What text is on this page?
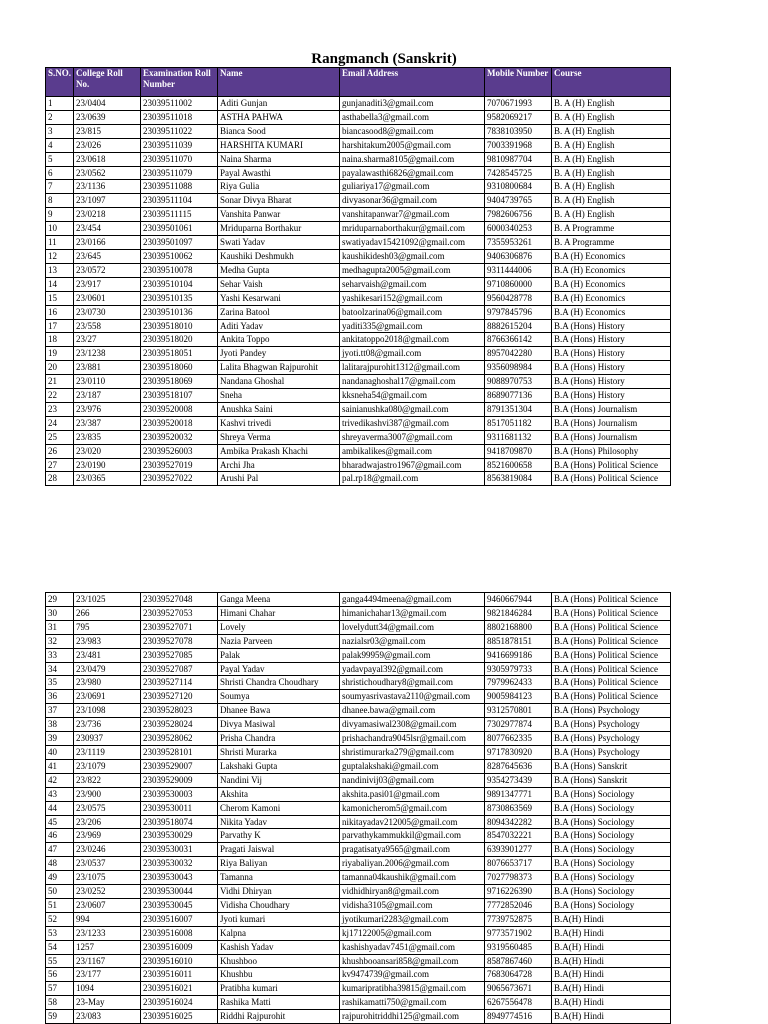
Rangmanch (Sanskrit)
S.NO.	College Roll No.	Examination Roll Number	Name	Email Address	Mobile Number	Course
1	23/0404	23039511002	Aditi Gunjan	gunjanaditi3@gmail.com	7070671993	B. A (H) English
2	23/0639	23039511018	ASTHA PAHWA	asthabella3@gmail.com	9582069217	B. A (H) English
3	23/815	23039511022	Bianca Sood	biancasood8@gmail.com	7838103950	B. A (H) English
4	23/026	23039511039	HARSHITA KUMARI	harshitakum2005@gmail.com	7003391968	B. A (H) English
5	23/0618	23039511070	Naina Sharma	naina.sharma8105@gmail.com	9810987704	B. A (H) English
6	23/0562	23039511079	Payal Awasthi	payalawasthi6826@gmail.com	7428545725	B. A (H) English
7	23/1136	23039511088	Riya Gulia	guliariya17@gmail.com	9310800684	B. A (H) English
8	23/1097	23039511104	Sonar Divya Bharat	divyasonar36@gmail.com	9404739765	B. A (H) English
9	23/0218	23039511115	Vanshita Panwar	vanshitapanwar7@gmail.com	7982606756	B. A (H) English
10	23/454	23039501061	Mriduparna Borthakur	mriduparnaborthakur@gmail.com	6000340253	B. A Programme
11	23/0166	23039501097	Swati Yadav	swatiyadav15421092@gmail.com	7355953261	B. A Programme
12	23/645	23039510062	Kaushiki Deshmukh	kaushikidesh03@gmail.com	9406306876	B.A (H) Economics
13	23/0572	23039510078	Medha Gupta	medhagupta2005@gmail.com	9311444006	B.A (H) Economics
14	23/917	23039510104	Sehar Vaish	seharvaish@gmail.com	9710860000	B.A (H) Economics
15	23/0601	23039510135	Yashi Kesarwani	yashikesari152@gmail.com	9560428778	B.A (H) Economics
16	23/0730	23039510136	Zarina Batool	batoolzarina06@gmail.com	9797845796	B.A (H) Economics
17	23/558	23039518010	Aditi Yadav	yaditi335@gmail.com	8882615204	B.A (Hons) History
18	23/27	23039518020	Ankita Toppo	ankitatoppo2018@gmail.com	8766366142	B.A (Hons) History
19	23/1238	23039518051	Jyoti Pandey	jyoti.tt08@gmail.com	8957042280	B.A (Hons) History
20	23/881	23039518060	Lalita Bhagwan Rajpurohit	lalitarajpurohit1312@gmail.com	9356098984	B.A (Hons) History
21	23/0110	23039518069	Nandana Ghoshal	nandanaghoshal17@gmail.com	9088970753	B.A (Hons) History
22	23/187	23039518107	Sneha	kksneha54@gmail.com	8689077136	B.A (Hons) History
23	23/976	23039520008	Anushka Saini	sainianushka080@gmail.com	8791351304	B.A (Hons) Journalism
24	23/387	23039520018	Kashvi trivedi	trivedikashvi387@gmail.com	8517051182	B.A (Hons) Journalism
25	23/835	23039520032	Shreya Verma	shreyaverma3007@gmail.com	9311681132	B.A (Hons) Journalism
26	23/020	23039526003	Ambika Prakash Khachi	ambikalikes@gmail.com	9418709870	B.A (Hons) Philosophy
27	23/0190	23039527019	Archi Jha	bharadwajastro1967@gmail.com	8521600658	B.A (Hons) Political Science
28	23/0365	23039527022	Arushi Pal	pal.rp18@gmail.com	8563819084	B.A (Hons) Political Science
29	23/1025	23039527048	Ganga Meena	ganga4494meena@gmail.com	9460667944	B.A (Hons) Political Science
30	266	23039527053	Himani Chahar	himanichahar13@gmail.com	9821846284	B.A (Hons) Political Science
31	795	23039527071	Lovely	lovelydutt34@gmail.com	8802168800	B.A (Hons) Political Science
32	23/983	23039527078	Nazia Parveen	nazialsr03@gmail.com	8851878151	B.A (Hons) Political Science
33	23/481	23039527085	Palak	palak99959@gmail.com	9416699186	B.A (Hons) Political Science
34	23/0479	23039527087	Payal Yadav	yadavpayal392@gmail.com	9305979733	B.A (Hons) Political Science
35	23/980	23039527114	Shristi Chandra Choudhary	shristichoudhary8@gmail.com	7979962433	B.A (Hons) Political Science
36	23/0691	23039527120	Soumya	soumyasrivastava2110@gmail.com	9005984123	B.A (Hons) Political Science
37	23/1098	23039528023	Dhanee Bawa	dhanee.bawa@gmail.com	9312570801	B.A (Hons) Psychology
38	23/736	23039528024	Divya Masiwal	divyamasiwal2308@gmail.com	7302977874	B.A (Hons) Psychology
39	230937	23039528062	Prisha Chandra	prishachandra9045lsr@gmail.com	8077662335	B.A (Hons) Psychology
40	23/1119	23039528101	Shristi Murarka	shristimurarka279@gmail.com	9717830920	B.A (Hons) Psychology
41	23/1079	23039529007	Lakshaki Gupta	guptalakshaki@gmail.com	8287645636	B.A (Hons) Sanskrit
42	23/822	23039529009	Nandini Vij	nandinivij03@gmail.com	9354273439	B.A (Hons) Sanskrit
43	23/900	23039530003	Akshita	akshita.pasi01@gmail.com	9891347771	B.A (Hons) Sociology
44	23/0575	23039530011	Cherom Kamoni	kamonicherom5@gmail.com	8730863569	B.A (Hons) Sociology
45	23/206	23039518074	Nikita Yadav	nikitayadav212005@gmail.com	8094342282	B.A (Hons) Sociology
46	23/969	23039530029	Parvathy K	parvathykammukkil@gmail.com	8547032221	B.A (Hons) Sociology
47	23/0246	23039530031	Pragati Jaiswal	pragatisatya9565@gmail.com	6393901277	B.A (Hons) Sociology
48	23/0537	23039530032	Riya Baliyan	riyabaliyan.2006@gmail.com	8076653717	B.A (Hons) Sociology
49	23/1075	23039530043	Tamanna	tamanna04kaushik@gmail.com	7027798373	B.A (Hons) Sociology
50	23/0252	23039530044	Vidhi Dhiryan	vidhidhiryan8@gmail.com	9716226390	B.A (Hons) Sociology
51	23/0607	23039530045	Vidisha Choudhary	vidisha3105@gmail.com	7772852046	B.A (Hons) Sociology
52	994	23039516007	Jyoti kumari	jyotikumari2283@gmail.com	7739752875	B.A(H) Hindi
53	23/1233	23039516008	Kalpna	kj17122005@gmail.com	9773571902	B.A(H) Hindi
54	1257	23039516009	Kashish Yadav	kashishyadav7451@gmail.com	9319560485	B.A(H) Hindi
55	23/1167	23039516010	Khushboo	khushbooansari858@gmail.com	8587867460	B.A(H) Hindi
56	23/177	23039516011	Khushbu	kv9474739@gmail.com	7683064728	B.A(H) Hindi
57	1094	23039516021	Pratibha kumari	kumaripratibha39815@gmail.com	9065673671	B.A(H) Hindi
58	23-May	23039516024	Rashika Matti	rashikamatti750@gmail.com	6267556478	B.A(H) Hindi
59	23/083	23039516025	Riddhi Rajpurohit	rajpurohitriddhi125@gmail.com	8949774516	B.A(H) Hindi
